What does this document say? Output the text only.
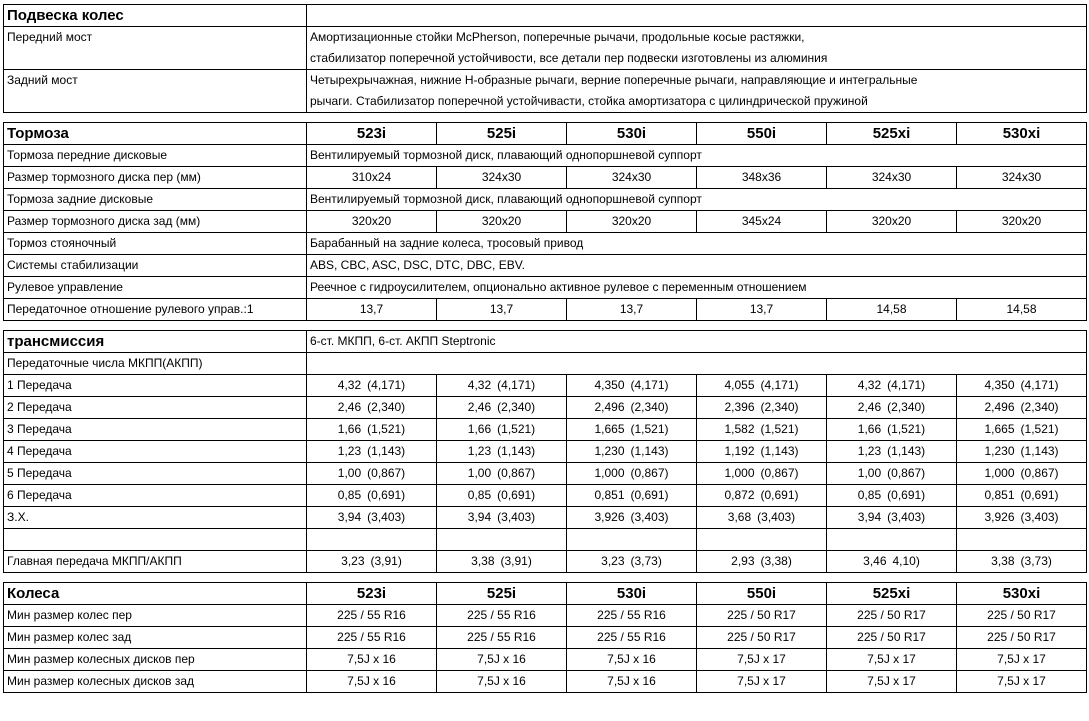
Подвеска колес	
Передний мост	Амортизационные стойки McPherson, поперечные рычачи, продольные косые растяжки,
стабилизатор поперечной устойчивости, все детали пер подвески изготовлены из алюминия

Задний мост	Четырехрычажная, нижние Н-образные рычаги, верние поперечные рычаги, направляющие и интегральные
рычаги. Стабилизатор поперечной устойчивасти, стойка амортизатора с цилиндрической пружиной
Тормоза	523i	525i	530i	550i	525xi	530xi
Тормоза передние дисковые	Вентилируемый тормозной диск, плавающий однопоршневой суппорт					
Размер тормозного диска пер (мм)	310x24	324x30	324x30	348x36	324x30	324x30
Тормоза задние дисковые	Вентилируемый тормозной диск, плавающий однопоршневой суппорт					
Размер тормозного диска зад (мм)	320x20	320x20	320x20	345x24	320x20	320x20
Тормоз стояночный	Барабанный на задние колеса, тросовый привод					
Системы стабилизации	ABS, CBC, ASC, DSC, DTC, DBC, EBV.					
Рулевое управление	Реечное с гидроусилителем, опционально активное рулевое с переменным отношением					
Передаточное отношение рулевого управ.:1	13,7	13,7	13,7	13,7	14,58	14,58
трансмиссия	6-ст. МКПП, 6-ст. АКПП Steptronic					
Передаточные числа МКПП(АКПП)						
1 Передача	4,32 (4,171)	4,32 (4,171)	4,350 (4,171)	4,055 (4,171)	4,32 (4,171)	4,350 (4,171)
2 Передача	2,46 (2,340)	2,46 (2,340)	2,496 (2,340)	2,396 (2,340)	2,46 (2,340)	2,496 (2,340)
3 Передача	1,66 (1,521)	1,66 (1,521)	1,665 (1,521)	1,582 (1,521)	1,66 (1,521)	1,665 (1,521)
4 Передача	1,23 (1,143)	1,23 (1,143)	1,230 (1,143)	1,192 (1,143)	1,23 (1,143)	1,230 (1,143)
5 Передача	1,00 (0,867)	1,00 (0,867)	1,000 (0,867)	1,000 (0,867)	1,00 (0,867)	1,000 (0,867)
6 Передача	0,85 (0,691)	0,85 (0,691)	0,851 (0,691)	0,872 (0,691)	0,85 (0,691)	0,851 (0,691)
З.Х.	3,94 (3,403)	3,94 (3,403)	3,926 (3,403)	3,68 (3,403)	3,94 (3,403)	3,926 (3,403)

Главная передача МКПП/АКПП	3,23 (3,91)	3,38 (3,91)	3,23 (3,73)	2,93 (3,38)	3,46 4,10)	3,38 (3,73)
Колеса	523i	525i	530i	550i	525xi	530xi
Мин размер колес пер	225 / 55 R16	225 / 55 R16	225 / 55 R16	225 / 50 R17	225 / 50 R17	225 / 50 R17
Мин размер колес зад	225 / 55 R16	225 / 55 R16	225 / 55 R16	225 / 50 R17	225 / 50 R17	225 / 50 R17
Мин размер колесных дисков пер	7,5J x 16	7,5J x 16	7,5J x 16	7,5J x 17	7,5J x 17	7,5J x 17
Мин размер колесных дисков зад	7,5J x 16	7,5J x 16	7,5J x 16	7,5J x 17	7,5J x 17	7,5J x 17
